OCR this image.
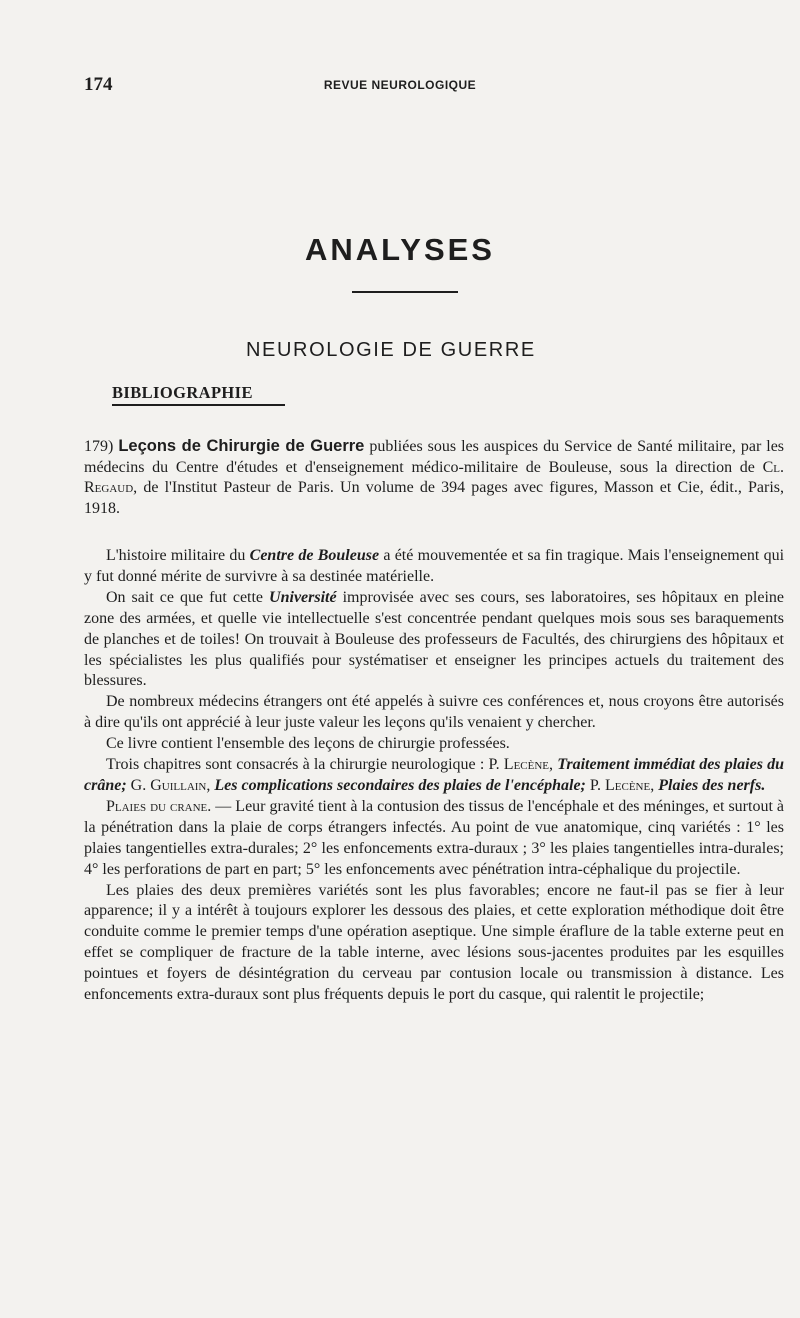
174	REVUE NEUROLOGIQUE
ANALYSES
NEUROLOGIE DE GUERRE
BIBLIOGRAPHIE
179) Leçons de Chirurgie de Guerre publiées sous les auspices du Service de Santé militaire, par les médecins du Centre d'études et d'enseignement médico-militaire de Bouleuse, sous la direction de Cl. Regaud, de l'Institut Pasteur de Paris. Un volume de 394 pages avec figures, Masson et Cie, édit., Paris, 1918.

L'histoire militaire du Centre de Bouleuse a été mouvementée et sa fin tragique. Mais l'enseignement qui y fut donné mérite de survivre à sa destinée matérielle.

On sait ce que fut cette Université improvisée avec ses cours, ses laboratoires, ses hôpitaux en pleine zone des armées, et quelle vie intellectuelle s'est concentrée pendant quelques mois sous ses baraquements de planches et de toiles! On trouvait à Bouleuse des professeurs de Facultés, des chirurgiens des hôpitaux et les spécialistes les plus qualifiés pour systématiser et enseigner les principes actuels du traitement des blessures.

De nombreux médecins étrangers ont été appelés à suivre ces conférences et, nous croyons être autorisés à dire qu'ils ont apprécié à leur juste valeur les leçons qu'ils venaient y chercher.

Ce livre contient l'ensemble des leçons de chirurgie professées.

Trois chapitres sont consacrés à la chirurgie neurologique : P. Lecène, Traitement immédiat des plaies du crâne; G. Guillain, Les complications secondaires des plaies de l'encéphale; P. Lecène, Plaies des nerfs.

Plaies du crane. — Leur gravité tient à la contusion des tissus de l'encéphale et des méninges, et surtout à la pénétration dans la plaie de corps étrangers infectés. Au point de vue anatomique, cinq variétés : 1° les plaies tangentielles extra-durales; 2° les enfoncements extra-duraux ; 3° les plaies tangentielles intra-durales; 4° les perforations de part en part; 5° les enfoncements avec pénétration intra-céphalique du projectile.

Les plaies des deux premières variétés sont les plus favorables; encore ne faut-il pas se fier à leur apparence; il y a intérêt à toujours explorer les dessous des plaies, et cette exploration méthodique doit être conduite comme le premier temps d'une opération aseptique. Une simple éraflure de la table externe peut en effet se compliquer de fracture de la table interne, avec lésions sous-jacentes produites par les esquilles pointues et foyers de désintégration du cerveau par contusion locale ou transmission à distance. Les enfoncements extra-duraux sont plus fréquents depuis le port du casque, qui ralentit le projectile;
